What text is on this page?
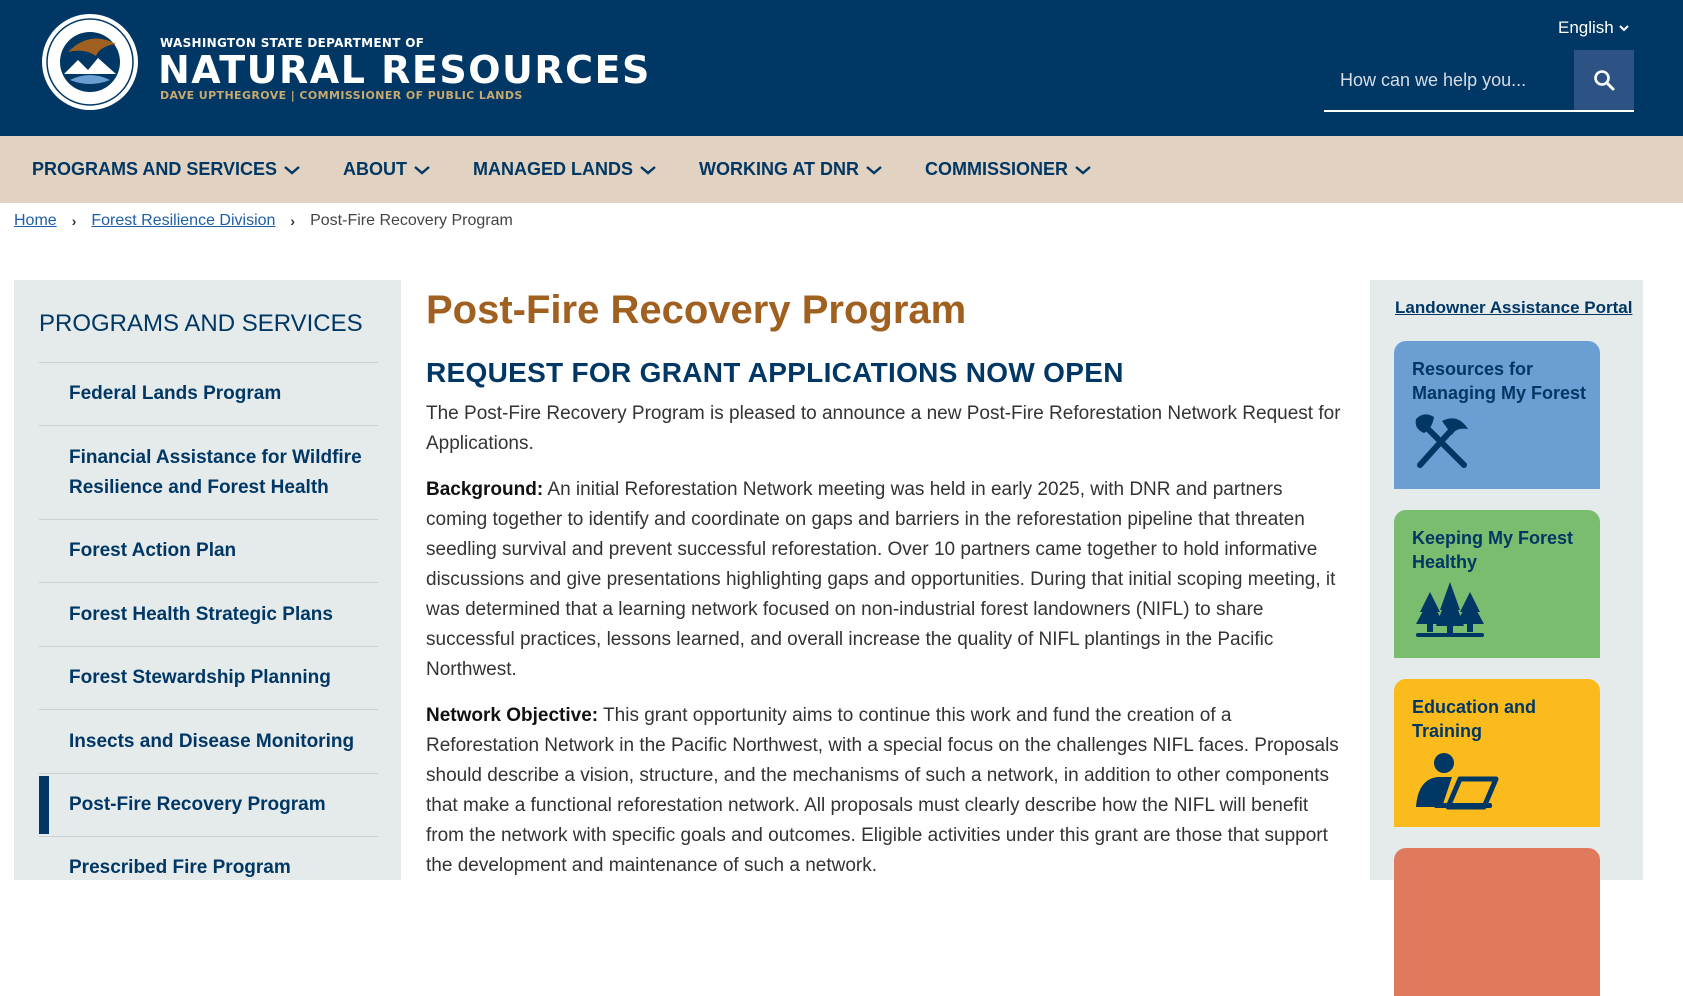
WASHINGTON STATE DEPARTMENT OF
NATURAL RESOURCES
DAVE UPTHEGROVE | COMMISSIONER OF PUBLIC LANDS
English
How can we help you...
PROGRAMS AND SERVICES	ABOUT	MANAGED LANDS	WORKING AT DNR	COMMISSIONER
Home › Forest Resilience Division › Post-Fire Recovery Program
PROGRAMS AND SERVICES
Federal Lands Program
Financial Assistance for Wildfire Resilience and Forest Health
Forest Action Plan
Forest Health Strategic Plans
Forest Stewardship Planning
Insects and Disease Monitoring
Post-Fire Recovery Program
Prescribed Fire Program
Post-Fire Recovery Program
REQUEST FOR GRANT APPLICATIONS NOW OPEN

The Post-Fire Recovery Program is pleased to announce a new Post-Fire Reforestation Network Request for Applications.

Background: An initial Reforestation Network meeting was held in early 2025, with DNR and partners coming together to identify and coordinate on gaps and barriers in the reforestation pipeline that threaten seedling survival and prevent successful reforestation. Over 10 partners came together to hold informative discussions and give presentations highlighting gaps and opportunities. During that initial scoping meeting, it was determined that a learning network focused on non-industrial forest landowners (NIFL) to share successful practices, lessons learned, and overall increase the quality of NIFL plantings in the Pacific Northwest.

Network Objective: This grant opportunity aims to continue this work and fund the creation of a Reforestation Network in the Pacific Northwest, with a special focus on the challenges NIFL faces. Proposals should describe a vision, structure, and the mechanisms of such a network, in addition to other components that make a functional reforestation network. All proposals must clearly describe how the NIFL will benefit from the network with specific goals and outcomes. Eligible activities under this grant are those that support the development and maintenance of such a network.

Landowner Assistance Portal
Resources for Managing My Forest
Keeping My Forest Healthy
Education and Training
